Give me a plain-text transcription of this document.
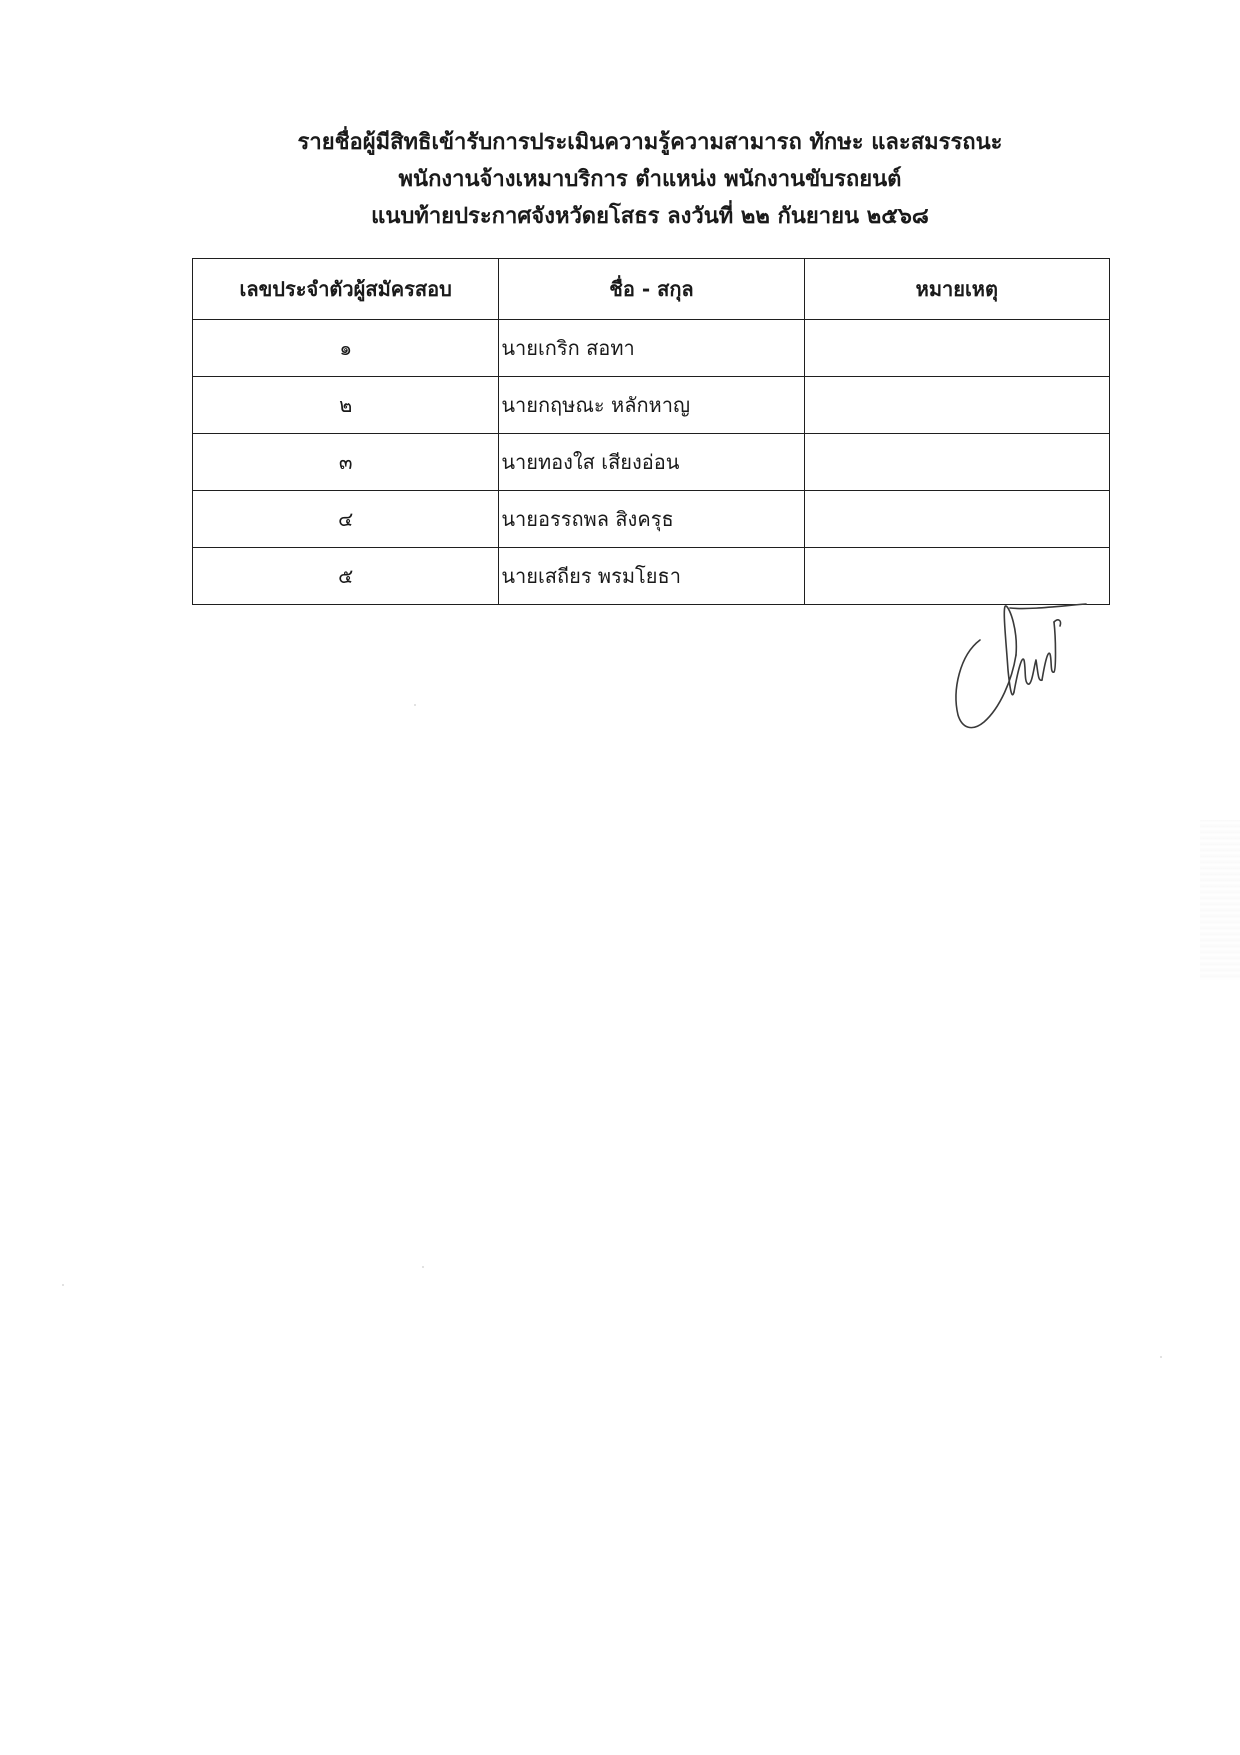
รายชื่อผู้มีสิทธิเข้ารับการประเมินความรู้ความสามารถ ทักษะ และสมรรถนะ
พนักงานจ้างเหมาบริการ ตำแหน่ง พนักงานขับรถยนต์
แนบท้ายประกาศจังหวัดยโสธร ลงวันที่ ๒๒ กันยายน ๒๕๖๘
เลขประจำตัวผู้สมัครสอบ	ชื่อ - สกุล	หมายเหตุ
๑	นายเกริก สอทา	
๒	นายกฤษณะ หลักหาญ	
๓	นายทองใส เสียงอ่อน	
๔	นายอรรถพล สิงครุธ	
๕	นายเสถียร พรมโยธา	
